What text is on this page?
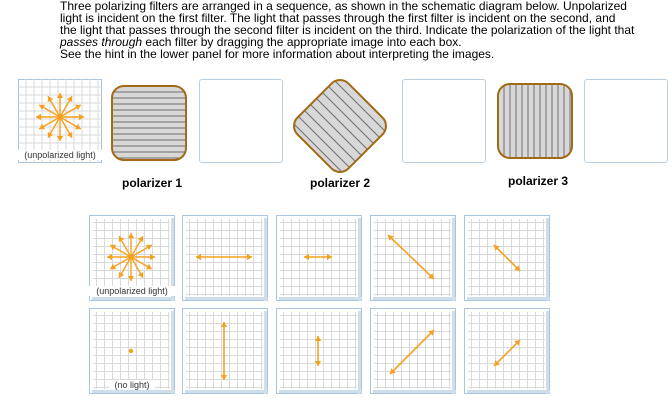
Three polarizing filters are arranged in a sequence, as shown in the schematic diagram below. Unpolarized

light is incident on the first filter. The light that passes through the first filter is incident on the second, and

the light that passes through the second filter is incident on the third. Indicate the polarization of the light that

passes through each filter by dragging the appropriate image into each box.

See the hint in the lower panel for more information about interpreting the images.

(unpolarized light)
polarizer 1	polarizer 2	polarizer 3
(unpolarized light)
(no light)
